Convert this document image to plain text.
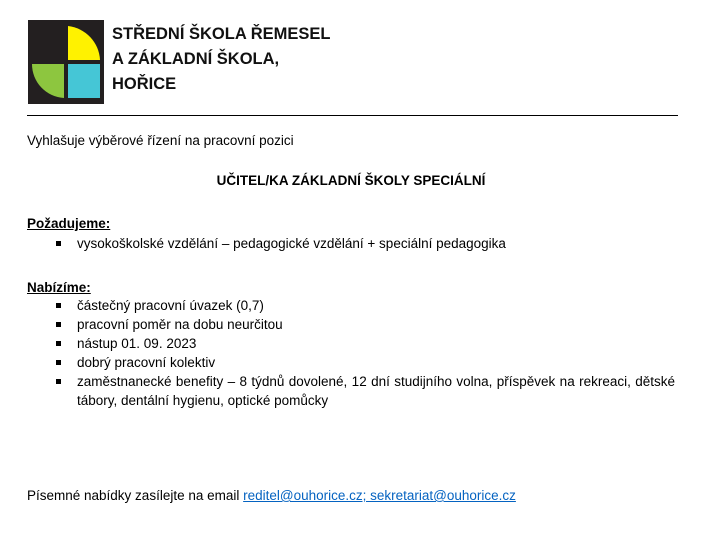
STŘEDNÍ ŠKOLA ŘEMESEL
A ZÁKLADNÍ ŠKOLA,
HOŘICE
Vyhlašuje výběrové řízení na pracovní pozici
UČITEL/KA ZÁKLADNÍ ŠKOLY SPECIÁLNÍ
Požadujeme:
vysokoškolské vzdělání – pedagogické vzdělání + speciální pedagogika
Nabízíme:
částečný pracovní úvazek (0,7)
pracovní poměr na dobu neurčitou
nástup 01. 09. 2023
dobrý pracovní kolektiv
zaměstnanecké benefity – 8 týdnů dovolené, 12 dní studijního volna, příspěvek na rekreaci, dětské tábory, dentální hygienu, optické pomůcky
Písemné nabídky zasílejte na email reditel@ouhorice.cz; sekretariat@ouhorice.cz
